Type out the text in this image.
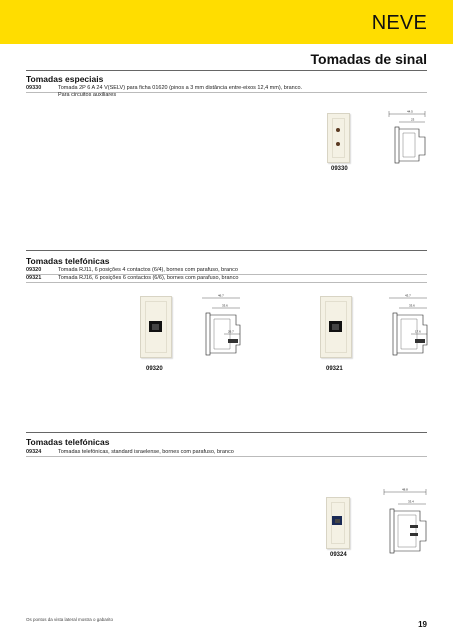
NEVE
Tomadas de sinal
Tomadas especiais
09330	Tomada 2P 6 A 24 V(SELV) para ficha 01620 (pinos a 3 mm distância entre-eixos 12,4 mm), branco.
Para circuitos auxiliares
09330
44.5
23
Tomadas telefónicas
09320	Tomada RJ11, 6 posições 4 contactos (6/4), bornes com parafuso, branco
09321	Tomada RJ16, 6 posições 6 contactos (6/6), bornes com parafuso, branco
09320
46.7
33.6
26.7
09321
43.7
33.6
17.6
Tomadas telefónicas
09324	Tomadas telefónicas, standard israelense, bornes com parafuso, branco
09324
48.8
33.4
Os pontos da vista lateral mostra o gabarito
19
